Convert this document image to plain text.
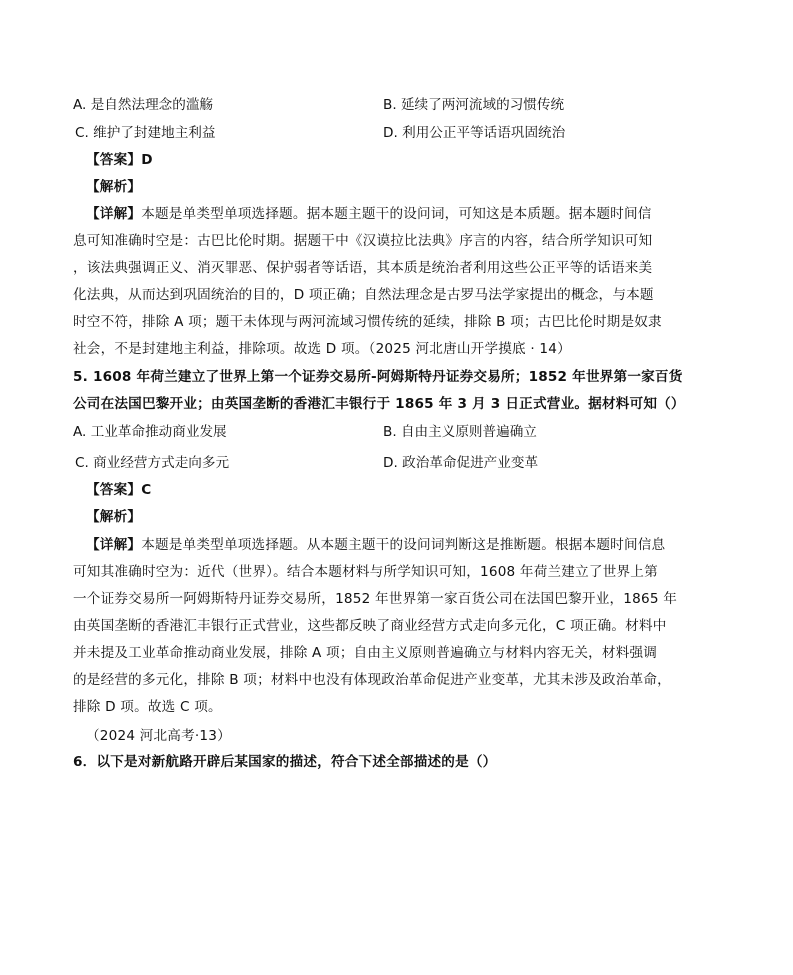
A. 是自然法理念的滥觞	B. 延续了两河流域的习惯传统
C. 维护了封建地主利益	D. 利用公正平等话语巩固统治
【答案】D
【解析】
【详解】本题是单类型单项选择题。据本题主题干的设问词，可知这是本质题。据本题时间信
息可知准确时空是：古巴比伦时期。据题干中《汉谟拉比法典》序言的内容，结合所学知识可知
，该法典强调正义、消灭罪恶、保护弱者等话语，其本质是统治者利用这些公正平等的话语来美
化法典，从而达到巩固统治的目的，D 项正确；自然法理念是古罗马法学家提出的概念，与本题
时空不符，排除 A 项；题干未体现与两河流域习惯传统的延续，排除 B 项；古巴比伦时期是奴隶
社会，不是封建地主利益，排除项。故选 D 项。（2025 河北唐山开学摸底 · 14）
5. 1608 年荷兰建立了世界上第一个证券交易所-阿姆斯特丹证券交易所；1852 年世界第一家百货
公司在法国巴黎开业；由英国垄断的香港汇丰银行于 1865 年 3 月 3 日正式营业。据材料可知（）
A. 工业革命推动商业发展	B. 自由主义原则普遍确立
C. 商业经营方式走向多元	D. 政治革命促进产业变革
【答案】C
【解析】
【详解】本题是单类型单项选择题。从本题主题干的设问词判断这是推断题。根据本题时间信息
可知其准确时空为：近代（世界）。结合本题材料与所学知识可知，1608 年荷兰建立了世界上第
一个证券交易所一阿姆斯特丹证券交易所，1852 年世界第一家百货公司在法国巴黎开业，1865 年
由英国垄断的香港汇丰银行正式营业，这些都反映了商业经营方式走向多元化，C 项正确。材料中
并未提及工业革命推动商业发展，排除 A 项；自由主义原则普遍确立与材料内容无关，材料强调
的是经营的多元化，排除 B 项；材料中也没有体现政治革命促进产业变革，尤其未涉及政治革命，
排除 D 项。故选 C 项。
（2024 河北高考·13）
6．以下是对新航路开辟后某国家的描述，符合下述全部描述的是（）
